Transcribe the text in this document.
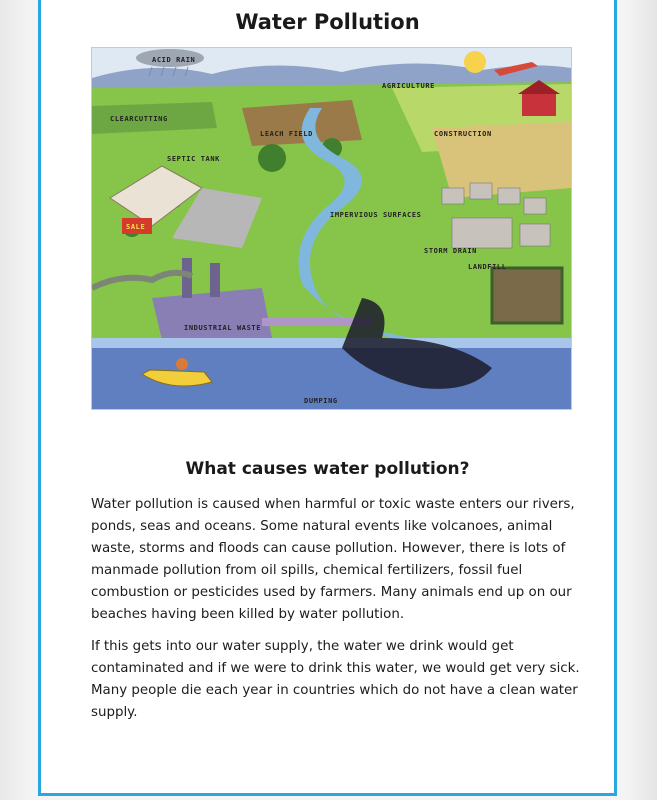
Water Pollution
SALE
ACID RAIN
AGRICULTURE
CLEARCUTTING
LEACH FIELD	CONSTRUCTION
SEPTIC TANK
IMPERVIOUS SURFACES
STORM DRAIN
LANDFILL
INDUSTRIAL WASTE
DUMPING
What causes water pollution?

Water pollution is caused when harmful or toxic waste enters our rivers, ponds, seas and oceans. Some natural events like volcanoes, animal waste, storms and floods can cause pollution. However, there is lots of manmade pollution from oil spills, chemical fertilizers, fossil fuel combustion or pesticides used by farmers. Many animals end up on our beaches having been killed by water pollution.

If this gets into our water supply, the water we drink would get contaminated and if we were to drink this water, we would get very sick. Many people die each year in countries which do not have a clean water supply.
